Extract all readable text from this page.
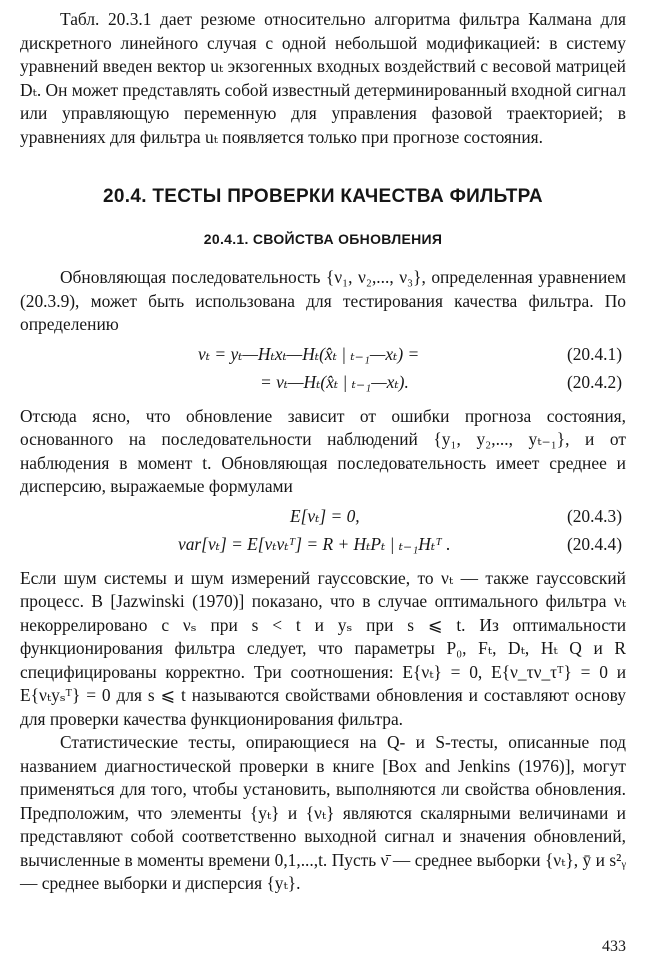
Табл. 20.3.1 дает резюме относительно алгоритма фильтра Калмана для дискретного линейного случая с одной небольшой модификацией: в систему уравнений введен вектор uₜ экзогенных входных воздействий с весовой матрицей Dₜ. Он может представлять собой известный детерминированный входной сигнал или управляющую переменную для управления фазовой траекторией; в уравнениях для фильтра uₜ появляется только при прогнозе состояния.

20.4. ТЕСТЫ ПРОВЕРКИ КАЧЕСТВА ФИЛЬТРА
20.4.1. СВОЙСТВА ОБНОВЛЕНИЯ

Обновляющая последовательность {ν₁, ν₂,..., ν₃}, определенная уравнением (20.3.9), может быть использована для тестирования качества фильтра. По определению

νₜ = yₜ—Hₜxₜ—Hₜ(x̂ₜ | ₜ₋₁—xₜ) =	(20.4.1)
= νₜ—Hₜ(x̂ₜ | ₜ₋₁—xₜ).	(20.4.2)

Отсюда ясно, что обновление зависит от ошибки прогноза состояния, основанного на последовательности наблюдений {y₁, y₂,..., yₜ₋₁}, и от наблюдения в момент t. Обновляющая последовательность имеет среднее и дисперсию, выражаемые формулами

E[νₜ] = 0,	(20.4.3)
var[νₜ] = E[νₜνₜᵀ] = R + HₜPₜ | ₜ₋₁Hₜᵀ .	(20.4.4)

Если шум системы и шум измерений гауссовские, то νₜ — также гауссовский процесс. В [Jazwinski (1970)] показано, что в случае оптимального фильтра νₜ некоррелировано с νₛ при s < t и yₛ при s ⩽ t. Из оптимальности функционирования фильтра следует, что параметры P₀, Fₜ, Dₜ, Hₜ Q и R специфицированы корректно. Три соотношения: E{νₜ} = 0, E{ν_τν_τᵀ} = 0 и E{νₜyₛᵀ} = 0 для s ⩽ t называются свойствами обновления и составляют основу для проверки качества функционирования фильтра.

Статистические тесты, опирающиеся на Q- и S-тесты, описанные под названием диагностической проверки в книге [Box and Jenkins (1976)], могут применяться для того, чтобы установить, выполняются ли свойства обновления. Предположим, что элементы {yₜ} и {νₜ} являются скалярными величинами и представляют собой соответственно выходной сигнал и значения обновлений, вычисленные в моменты времени 0,1,...,t. Пусть ν̄ — среднее выборки {νₜ}, ȳ и s²ᵧ — среднее выборки и дисперсия {yₜ}.

433
